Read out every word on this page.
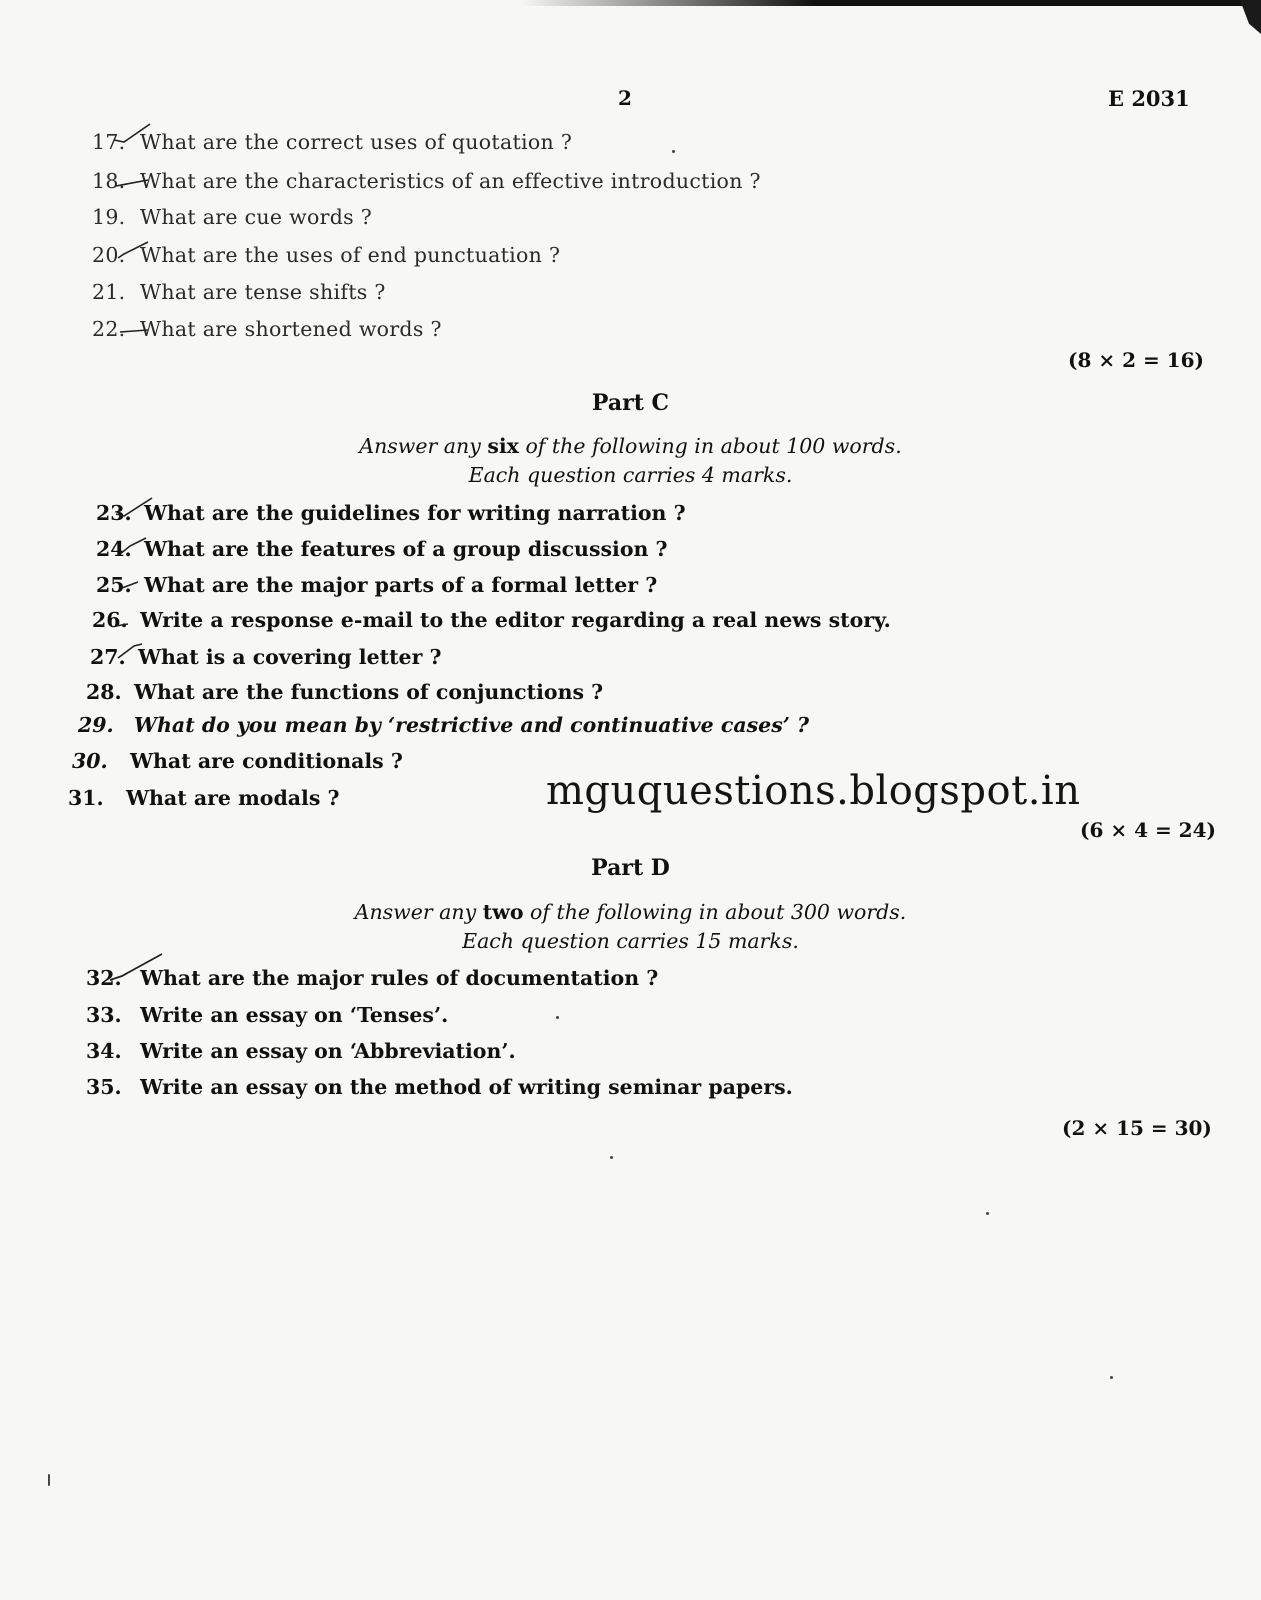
2	E 2031
17. What are the correct uses of quotation ?
18. What are the characteristics of an effective introduction ?
19. What are cue words ?
20. What are the uses of end punctuation ?
21. What are tense shifts ?
22. What are shortened words ?
(8 × 2 = 16)
Part C
Answer any six of the following in about 100 words.
Each question carries 4 marks.
23. What are the guidelines for writing narration ?
24. What are the features of a group discussion ?
25. What are the major parts of a formal letter ?
26. Write a response e-mail to the editor regarding a real news story.
27. What is a covering letter ?
28. What are the functions of conjunctions ?
29. What do you mean by ‘restrictive and continuative cases’ ?
30. What are conditionals ?
31. What are modals ?	mguquestions.blogspot.in
(6 × 4 = 24)
Part D
Answer any two of the following in about 300 words.
Each question carries 15 marks.
32. What are the major rules of documentation ?
33. Write an essay on ‘Tenses’.
34. Write an essay on ‘Abbreviation’.
35. Write an essay on the method of writing seminar papers.
(2 × 15 = 30)
